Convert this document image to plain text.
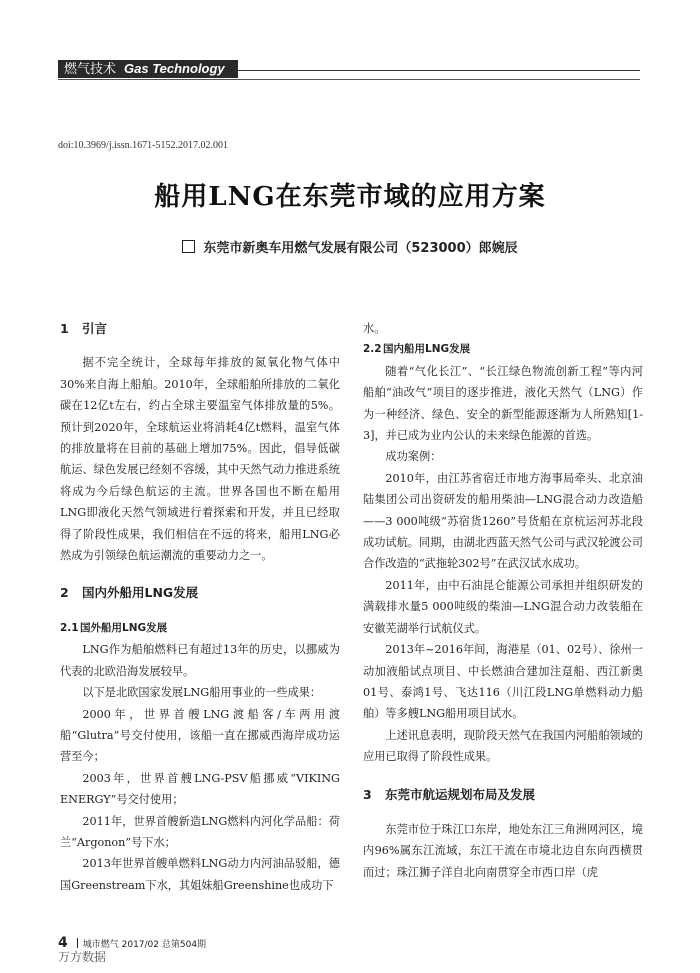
燃气技术 Gas Technology
doi:10.3969/j.issn.1671-5152.2017.02.001
船用LNG在东莞市域的应用方案
东莞市新奥车用燃气发展有限公司（523000）郎婉辰
1 引言

据不完全统计，全球每年排放的氮氧化物气体中30%来自海上船舶。2010年，全球船舶所排放的二氧化碳在12亿t左右，约占全球主要温室气体排放量的5%。预计到2020年，全球航运业将消耗4亿t燃料，温室气体的排放量将在目前的基础上增加75%。因此，倡导低碳航运、绿色发展已经刻不容缓，其中天然气动力推进系统将成为今后绿色航运的主流。世界各国也不断在船用LNG即液化天然气领域进行着探索和开发，并且已经取得了阶段性成果，我们相信在不远的将来，船用LNG必然成为引领绿色航运潮流的重要动力之一。

2 国内外船用LNG发展
2.1国外船用LNG发展

LNG作为船舶燃料已有超过13年的历史，以挪威为代表的北欧沿海发展较早。

以下是北欧国家发展LNG船用事业的一些成果：

2000年，世界首艘LNG渡船客/车两用渡船“Glutra”号交付使用，该船一直在挪威西海岸成功运营至今；

2003年，世界首艘LNG-PSV船挪威“VIKING ENERGY”号交付使用；

2011年，世界首艘新造LNG燃料内河化学品船：荷兰“Argonon”号下水；

2013年世界首艘单燃料LNG动力内河油品驳船，德国Greenstream下水，其姐妹船Greenshine也成功下

水。

2.2国内船用LNG发展

随着“气化长江”、“长江绿色物流创新工程”等内河船舶“油改气”项目的逐步推进，液化天然气（LNG）作为一种经济、绿色、安全的新型能源逐渐为人所熟知[1-3]，并已成为业内公认的未来绿色能源的首选。

成功案例：

2010年，由江苏省宿迁市地方海事局牵头、北京油陆集团公司出资研发的船用柴油—LNG混合动力改造船——3 000吨级“苏宿货1260”号货船在京杭运河苏北段成功试航。同期，由湖北西蓝天然气公司与武汉轮渡公司合作改造的“武拖轮302号”在武汉试水成功。

2011年，由中石油昆仑能源公司承担并组织研发的满载排水量5 000吨级的柴油—LNG混合动力改装船在安徽芜湖举行试航仪式。

2013年~2016年间，海港星（01、02号）、徐州一动加液船试点项目、中长燃油合建加注趸船、西江新奥01号、泰鸿1号、飞达116（川江段LNG单燃料动力船舶）等多艘LNG船用项目试水。

上述讯息表明，现阶段天然气在我国内河船舶领域的应用已取得了阶段性成果。

3 东莞市航运规划布局及发展

东莞市位于珠江口东岸，地处东江三角洲网河区，境内96%属东江流域，东江干流在市境北边自东向西横贯而过；珠江狮子洋自北向南贯穿全市西口岸（虎

4 城市燃气 2017/02 总第504期
万方数据
